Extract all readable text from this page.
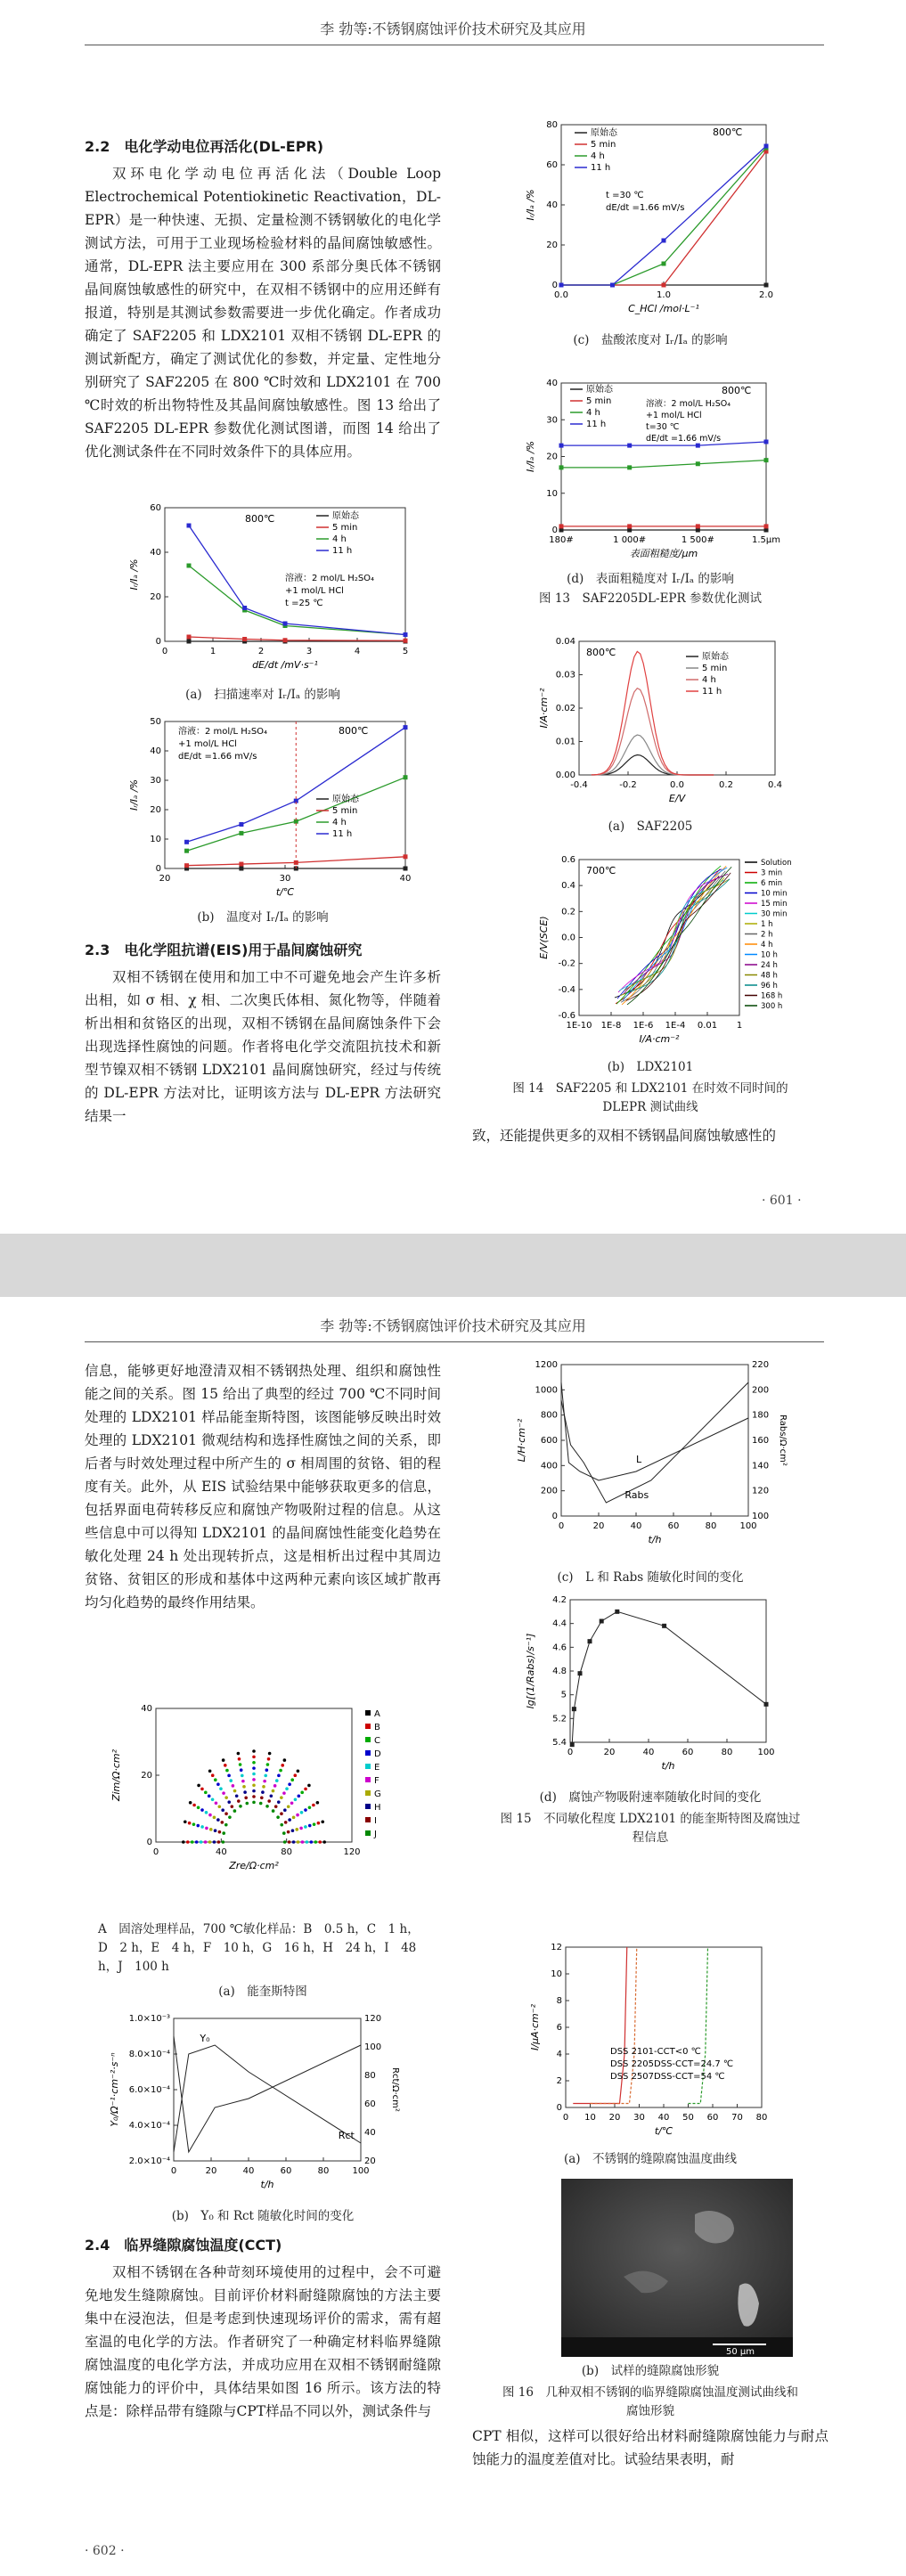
李 勃等:不锈钢腐蚀评价技术研究及其应用
2.2　电化学动电位再活化(DL-EPR)

双环电化学动电位再活化法（Double Loop Electrochemical Potentiokinetic Reactivation，DL-EPR）是一种快速、无损、定量检测不锈钢敏化的电化学测试方法，可用于工业现场检验材料的晶间腐蚀敏感性。通常，DL-EPR 法主要应用在 300 系部分奥氏体不锈钢晶间腐蚀敏感性的研究中，在双相不锈钢中的应用还鲜有报道，特别是其测试参数需要进一步优化确定。作者成功确定了 SAF2205 和 LDX2101 双相不锈钢 DL-EPR 的测试新配方，确定了测试优化的参数，并定量、定性地分别研究了 SAF2205 在 800 ℃时效和 LDX2101 在 700 ℃时效的析出物特性及其晶间腐蚀敏感性。图 13 给出了 SAF2205 DL-EPR 参数优化测试图谱，而图 14 给出了优化测试条件在不同时效条件下的具体应用。

0	1	2	3	4	5
0
20
40
60
dE/dt /mV·s⁻¹
Iᵣ/Iₐ /%
原始态
5 min
4 h
11 h
800℃
溶液：2 mol/L H₂SO₄
+1 mol/L HCl
t =25 ℃
(a)　扫描速率对 Iᵣ/Iₐ 的影响
20	30	40
0
10
20
30
40
50
t/℃
Iᵣ/Iₐ /%	原始态
5 min
4 h
11 h
800℃
溶液：2 mol/L H₂SO₄
+1 mol/L HCl
dE/dt =1.66 mV/s
(b)　温度对 Iᵣ/Iₐ 的影响
2.3　电化学阻抗谱(EIS)用于晶间腐蚀研究

双相不锈钢在使用和加工中不可避免地会产生许多析出相，如 σ 相、χ 相、二次奥氏体相、氮化物等，伴随着析出相和贫铬区的出现，双相不锈钢在晶间腐蚀条件下会出现选择性腐蚀的问题。作者将电化学交流阻抗技术和新型节镍双相不锈钢 LDX2101 晶间腐蚀研究，经过与传统的 DL-EPR 方法对比，证明该方法与 DL-EPR 方法研究结果一

0.0	1.0	2.0
0
20
40
60
80
C_HCl /mol·L⁻¹
Iᵣ/Iₐ /%
原始态
5 min
4 h
11 h
800℃
t =30 ℃
dE/dt =1.66 mV/s
(c)　盐酸浓度对 Iᵣ/Iₐ 的影响
180#	1 000#	1 500#	1.5μm
0
10
20
30
40
表面粗糙度/μm
Iᵣ/Iₐ /%
原始态
5 min
4 h
11 h
800℃
溶液：2 mol/L H₂SO₄
+1 mol/L HCl
t=30 ℃
dE/dt =1.66 mV/s
(d)　表面粗糙度对 Iᵣ/Iₐ 的影响
图 13　SAF2205DL-EPR 参数优化测试
-0.4	-0.2	0.0	0.2	0.4
0.00
0.01
0.02
0.03
0.04
E/V
I/A·cm⁻²
800℃	原始态
5 min
4 h
11 h
(a)　SAF2205
1E-10 1E-8 1E-6 1E-4 0.01 1
-0.6
-0.4
-0.2
0.0
0.2
0.4
0.6
I/A·cm⁻²
E/V(SCE)
700℃
Solution
3 min
6 min
10 min
15 min
30 min
1 h
2 h
4 h
10 h
24 h
48 h
96 h
168 h
300 h
(b)　LDX2101
图 14　SAF2205 和 LDX2101 在时效不同时间的 DLEPR 测试曲线
致，还能提供更多的双相不锈钢晶间腐蚀敏感性的
· 601 ·
李 勃等:不锈钢腐蚀评价技术研究及其应用
信息，能够更好地澄清双相不锈钢热处理、组织和腐蚀性能之间的关系。图 15 给出了典型的经过 700 ℃不同时间处理的 LDX2101 样品能奎斯特图，该图能够反映出时效处理的 LDX2101 微观结构和选择性腐蚀之间的关系，即后者与时效处理过程中所产生的 σ 相周围的贫铬、钼的程度有关。此外，从 EIS 试验结果中能够获取更多的信息，包括界面电荷转移反应和腐蚀产物吸附过程的信息。从这些信息中可以得知 LDX2101 的晶间腐蚀性能变化趋势在敏化处理 24 h 处出现转折点，这是相析出过程中其周边贫铬、贫钼区的形成和基体中这两种元素向该区域扩散再均匀化趋势的最终作用结果。
0	40	80	120
0
20
40
Zre/Ω·cm²
Zim/Ω·cm²
A
B
C
D
E
F
G
H
I
J
A　固溶处理样品，700 ℃敏化样品：B　0.5 h，C　1 h，D　2 h，E　4 h，F　10 h，G　16 h，H　24 h，I　48 h，J　100 h
(a)　能奎斯特图
0	20	40	60	80	100
2.0×10⁻⁴
4.0×10⁻⁴
6.0×10⁻⁴
8.0×10⁻⁴
1.0×10⁻³
20
40
60
80
100
120
Rct/Ω·cm²
t/h
Y₀/Ω⁻¹·cm⁻²·s⁻ⁿ
Y₀
Rct
(b)　Y₀ 和 Rct 随敏化时间的变化
2.4　临界缝隙腐蚀温度(CCT)

双相不锈钢在各种苛刻环境使用的过程中，会不可避免地发生缝隙腐蚀。目前评价材料耐缝隙腐蚀的方法主要集中在浸泡法，但是考虑到快速现场评价的需求，需有超室温的电化学的方法。作者研究了一种确定材料临界缝隙腐蚀温度的电化学方法，并成功应用在双相不锈钢耐缝隙腐蚀能力的评价中，具体结果如图 16 所示。该方法的特点是：除样品带有缝隙与CPT样品不同以外，测试条件与

· 602 ·
0	20	40	60	80	100
0
200
400
600
800
1000
1200
100
120
140
160
180
200
220
Rabs/Ω·cm²
t/h
L/H·cm⁻²	L
Rabs
(c)　L 和 Rabs 随敏化时间的变化
0	20	40	60	80	100
5.4
5.2
5
4.8
4.6
4.4
4.2
t/h
lg[(1/Rabs)/s⁻¹]
(d)　腐蚀产物吸附速率随敏化时间的变化
图 15　不同敏化程度 LDX2101 的能奎斯特图及腐蚀过程信息
0 10 20 30 40 50 60 70 80
0
2
4
6
8
10
12
t/℃
I/μA·cm⁻²
DSS 2101-CCT<0 ℃
DSS 2205DSS-CCT=24.7 ℃
DSS 2507DSS-CCT=54 ℃
(a)　不锈钢的缝隙腐蚀温度曲线
50 μm
(b)　试样的缝隙腐蚀形貌
图 16　几种双相不锈钢的临界缝隙腐蚀温度测试曲线和腐蚀形貌
CPT 相似，这样可以很好给出材料耐缝隙腐蚀能力与耐点蚀能力的温度差值对比。试验结果表明，耐
